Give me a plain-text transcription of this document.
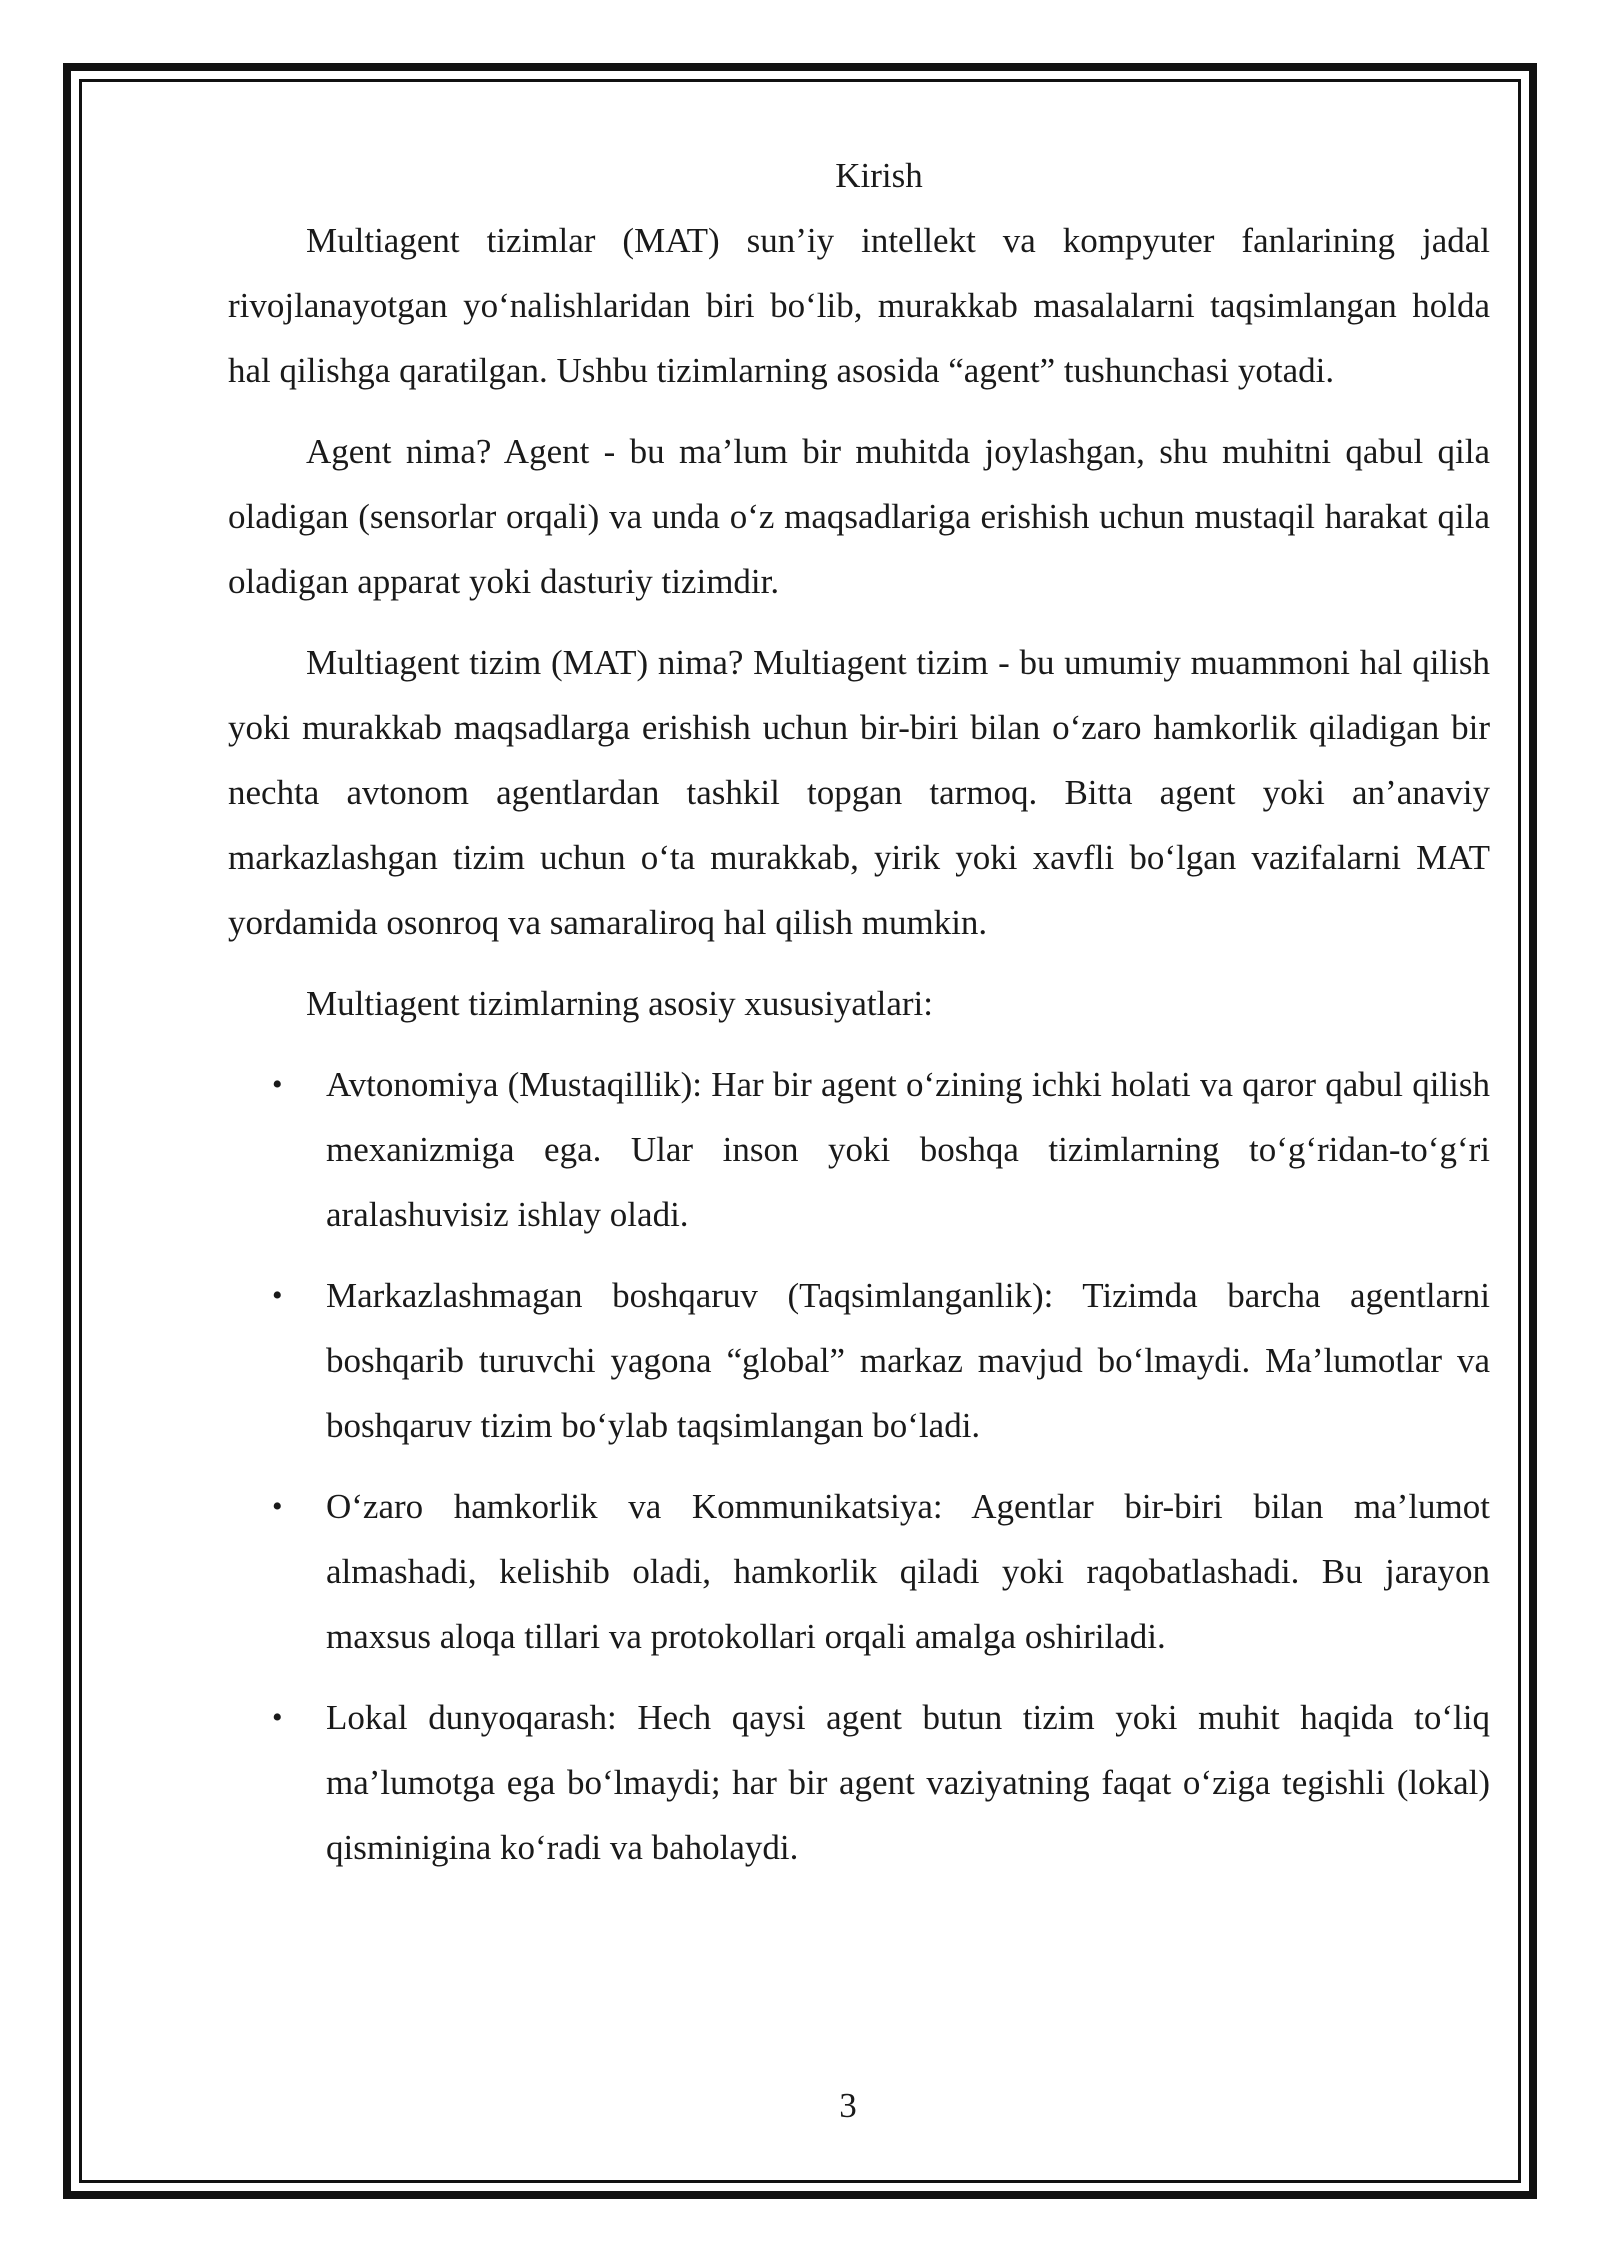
Kirish

Multiagent tizimlar (MAT) sun’iy intellekt va kompyuter fanlarining jadal rivojlanayotgan yo‘nalishlaridan biri bo‘lib, murakkab masalalarni taqsimlangan holda hal qilishga qaratilgan. Ushbu tizimlarning asosida “agent” tushunchasi yotadi.

Agent nima? Agent - bu ma’lum bir muhitda joylashgan, shu muhitni qabul qila oladigan (sensorlar orqali) va unda o‘z maqsadlariga erishish uchun mustaqil harakat qila oladigan apparat yoki dasturiy tizimdir.

Multiagent tizim (MAT) nima? Multiagent tizim - bu umumiy muammoni hal qilish yoki murakkab maqsadlarga erishish uchun bir-biri bilan o‘zaro hamkorlik qiladigan bir nechta avtonom agentlardan tashkil topgan tarmoq. Bitta agent yoki an’anaviy markazlashgan tizim uchun o‘ta murakkab, yirik yoki xavfli bo‘lgan vazifalarni MAT yordamida osonroq va samaraliroq hal qilish mumkin.

Multiagent tizimlarning asosiy xususiyatlari:

• Avtonomiya (Mustaqillik): Har bir agent o‘zining ichki holati va qaror qabul qilish mexanizmiga ega. Ular inson yoki boshqa tizimlarning to‘g‘ridan-to‘g‘ri aralashuvisiz ishlay oladi.
• Markazlashmagan boshqaruv (Taqsimlanganlik): Tizimda barcha agentlarni boshqarib turuvchi yagona “global” markaz mavjud bo‘lmaydi. Ma’lumotlar va boshqaruv tizim bo‘ylab taqsimlangan bo‘ladi.
• O‘zaro hamkorlik va Kommunikatsiya: Agentlar bir-biri bilan ma’lumot almashadi, kelishib oladi, hamkorlik qiladi yoki raqobatlashadi. Bu jarayon maxsus aloqa tillari va protokollari orqali amalga oshiriladi.
• Lokal dunyoqarash: Hech qaysi agent butun tizim yoki muhit haqida to‘liq ma’lumotga ega bo‘lmaydi; har bir agent vaziyatning faqat o‘ziga tegishli (lokal) qisminigina ko‘radi va baholaydi.
3
